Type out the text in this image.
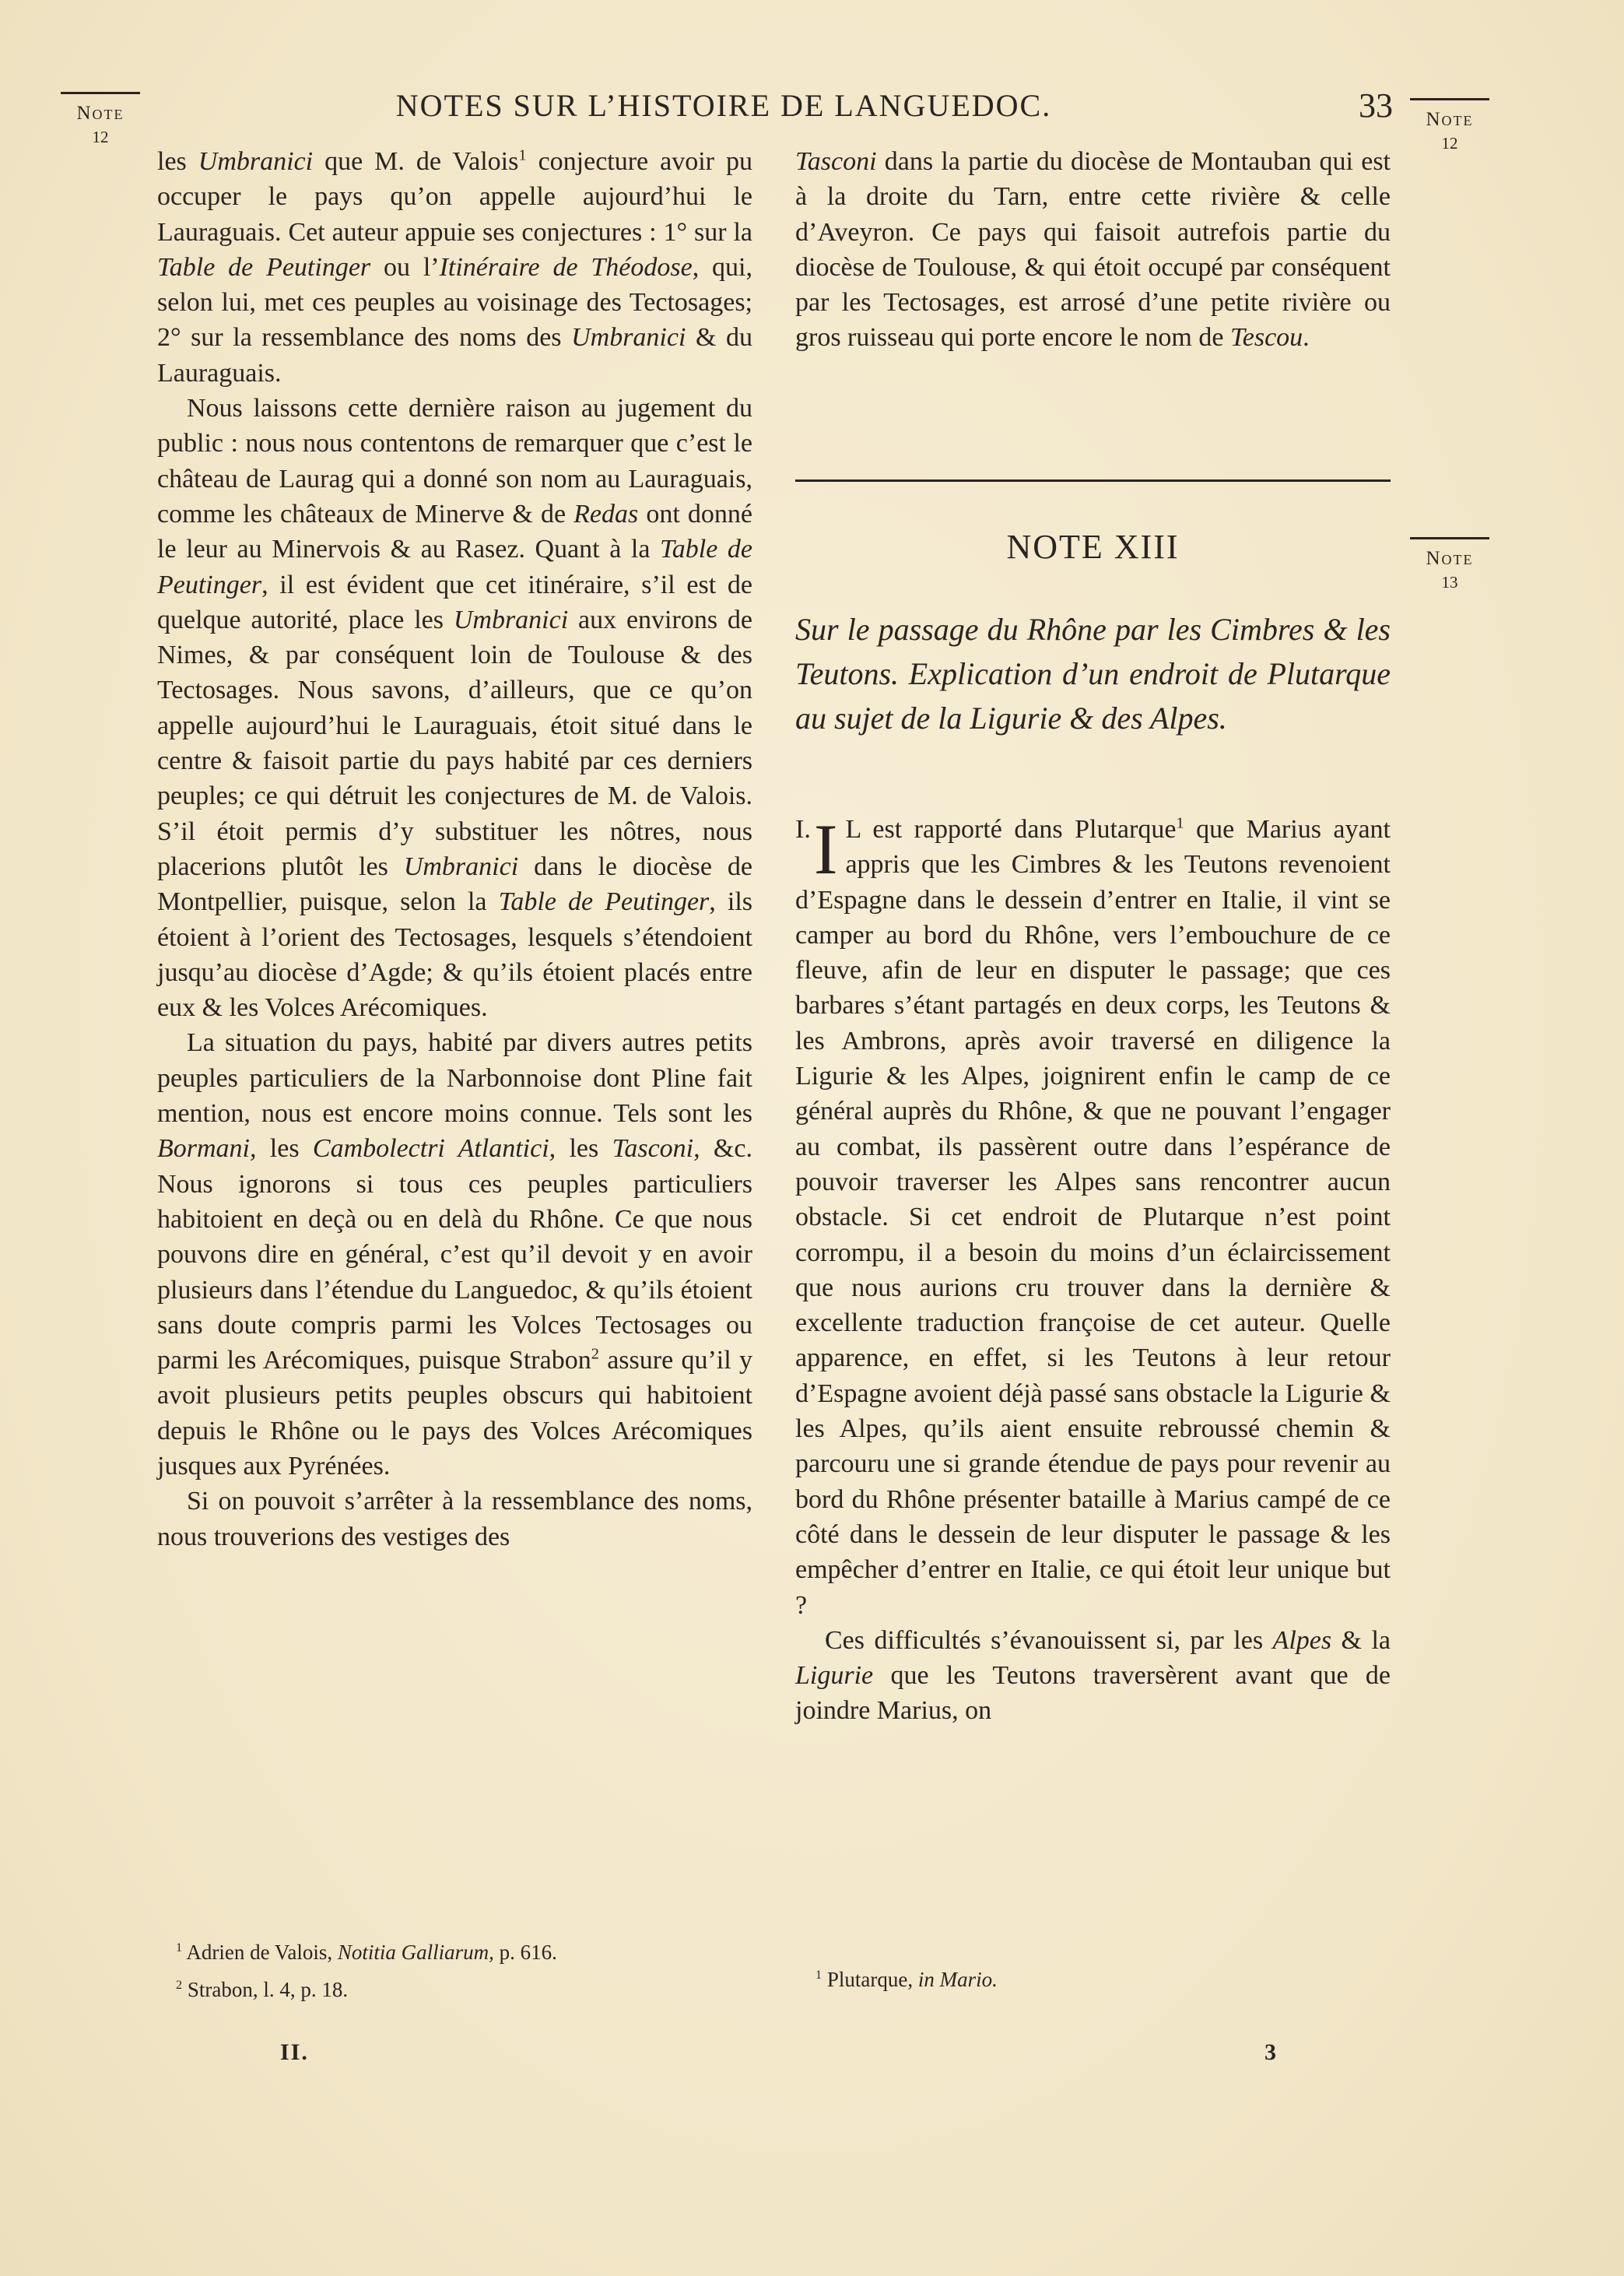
NOTES SUR L’HISTOIRE DE LANGUEDOC.	33
Note
12
Note
12
Note
13

les Umbranici que M. de Valois$^1$ conjecture avoir pu occuper le pays qu’on appelle aujourd’hui le Lauraguais. Cet auteur appuie ses conjectures : 1° sur la Table de Peutinger ou l’Itinéraire de Théodose, qui, selon lui, met ces peuples au voisinage des Tectosages; 2° sur la ressemblance des noms des Umbranici & du Lauraguais.

Nous laissons cette dernière raison au jugement du public : nous nous contentons de remarquer que c’est le château de Laurag qui a donné son nom au Lauraguais, comme les châteaux de Minerve & de Redas ont donné le leur au Minervois & au Rasez. Quant à la Table de Peutinger, il est évident que cet itinéraire, s’il est de quelque autorité, place les Umbranici aux environs de Nimes, & par conséquent loin de Toulouse & des Tectosages. Nous savons, d’ailleurs, que ce qu’on appelle aujourd’hui le Lauraguais, étoit situé dans le centre & faisoit partie du pays habité par ces derniers peuples; ce qui détruit les conjectures de M. de Valois. S’il étoit permis d’y substituer les nôtres, nous placerions plutôt les Umbranici dans le diocèse de Montpellier, puisque, selon la Table de Peutinger, ils étoient à l’orient des Tectosages, lesquels s’étendoient jusqu’au diocèse d’Agde; & qu’ils étoient placés entre eux & les Volces Arécomiques.

La situation du pays, habité par divers autres petits peuples particuliers de la Narbonnoise dont Pline fait mention, nous est encore moins connue. Tels sont les Bormani, les Cambolectri Atlantici, les Tasconi, &c. Nous ignorons si tous ces peuples particuliers habitoient en deçà ou en delà du Rhône. Ce que nous pouvons dire en général, c’est qu’il devoit y en avoir plusieurs dans l’étendue du Languedoc, & qu’ils étoient sans doute compris parmi les Volces Tectosages ou parmi les Arécomiques, puisque Strabon$^2$ assure qu’il y avoit plusieurs petits peuples obscurs qui habitoient depuis le Rhône ou le pays des Volces Arécomiques jusques aux Pyrénées.

Si on pouvoit s’arrêter à la ressemblance des noms, nous trouverions des vestiges des

Tasconi dans la partie du diocèse de Montauban qui est à la droite du Tarn, entre cette rivière & celle d’Aveyron. Ce pays qui faisoit autrefois partie du diocèse de Toulouse, & qui étoit occupé par conséquent par les Tectosages, est arrosé d’une petite rivière ou gros ruisseau qui porte encore le nom de Tescou.

NOTE XIII
Sur le passage du Rhône par les Cimbres & les Teutons. Explication d’un endroit de Plutarque au sujet de la Ligurie & des Alpes.

I. I L est rapporté dans Plutarque$^1$ que Marius ayant appris que les Cimbres & les Teutons revenoient d’Espagne dans le dessein d’entrer en Italie, il vint se camper au bord du Rhône, vers l’embouchure de ce fleuve, afin de leur en disputer le passage; que ces barbares s’étant partagés en deux corps, les Teutons & les Ambrons, après avoir traversé en diligence la Ligurie & les Alpes, joignirent enfin le camp de ce général auprès du Rhône, & que ne pouvant l’engager au combat, ils passèrent outre dans l’espérance de pouvoir traverser les Alpes sans rencontrer aucun obstacle. Si cet endroit de Plutarque n’est point corrompu, il a besoin du moins d’un éclaircissement que nous aurions cru trouver dans la dernière & excellente traduction françoise de cet auteur. Quelle apparence, en effet, si les Teutons à leur retour d’Espagne avoient déjà passé sans obstacle la Ligurie & les Alpes, qu’ils aient ensuite rebroussé chemin & parcouru une si grande étendue de pays pour revenir au bord du Rhône présenter bataille à Marius campé de ce côté dans le dessein de leur disputer le passage & les empêcher d’entrer en Italie, ce qui étoit leur unique but ?

Ces difficultés s’évanouissent si, par les Alpes & la Ligurie que les Teutons traversèrent avant que de joindre Marius, on

$^1$ Adrien de Valois, Notitia Galliarum, p. 616.
$^2$ Strabon, l. 4, p. 18.
$^1$ Plutarque, in Mario.
II.	3
